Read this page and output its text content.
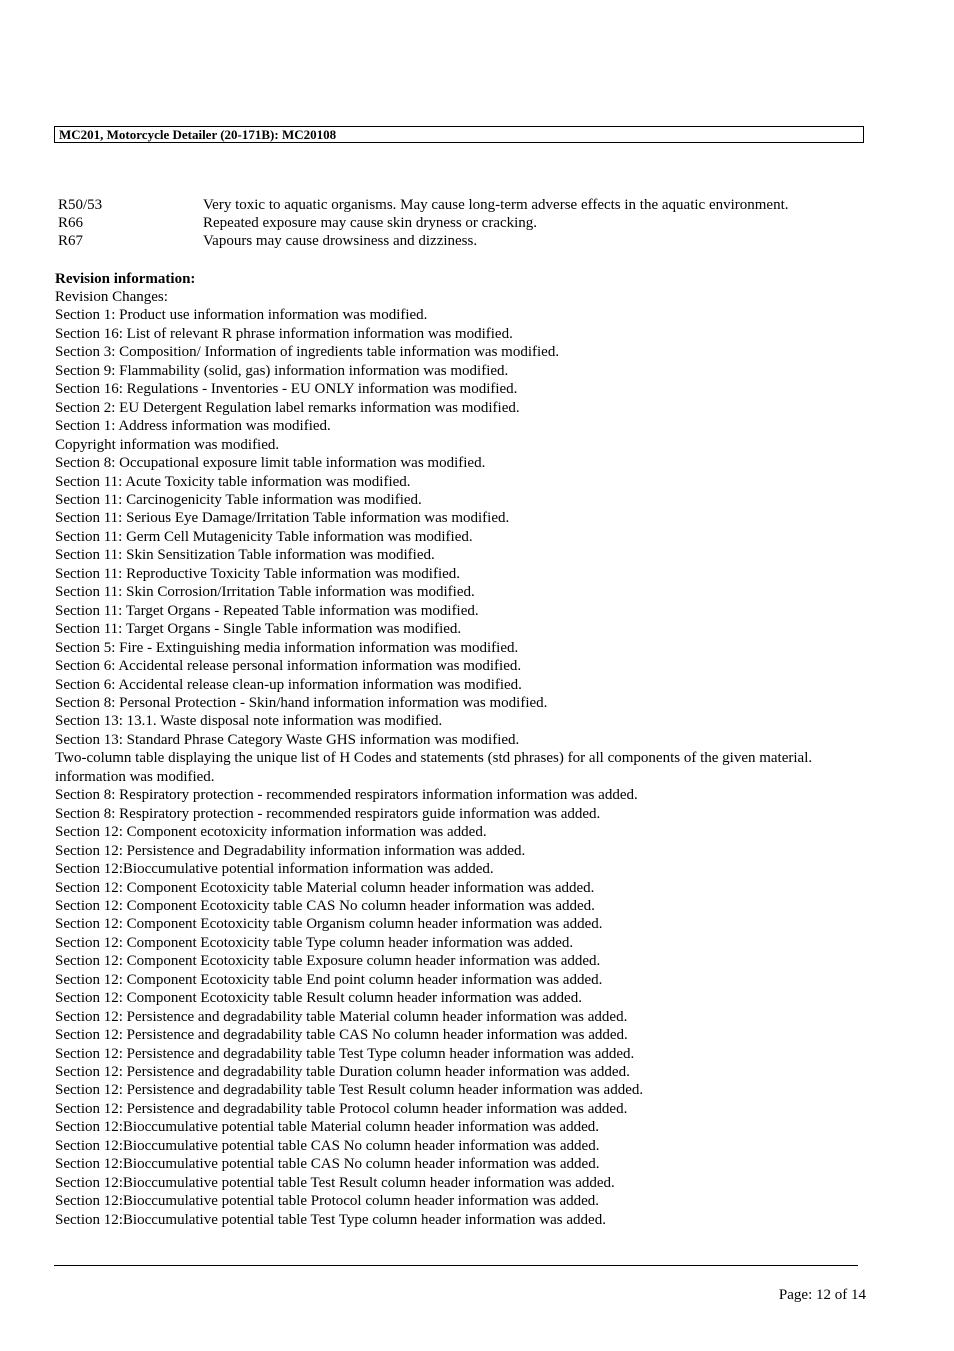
MC201, Motorcycle Detailer (20-171B): MC20108
R50/53	Very toxic to aquatic organisms. May cause long-term adverse effects in the aquatic environment.
R66	Repeated exposure may cause skin dryness or cracking.
R67	Vapours may cause drowsiness and dizziness.
Revision information:
Revision Changes:
Section 1: Product use information information was modified.
Section 16: List of relevant R phrase information information was modified.
Section 3: Composition/ Information of ingredients table information was modified.
Section 9: Flammability (solid, gas) information information was modified.
Section 16: Regulations - Inventories - EU ONLY information was modified.
Section 2: EU Detergent Regulation label remarks information was modified.
Section 1: Address information was modified.
Copyright information was modified.
Section 8: Occupational exposure limit table information was modified.
Section 11: Acute Toxicity table information was modified.
Section 11: Carcinogenicity Table information was modified.
Section 11: Serious Eye Damage/Irritation Table information was modified.
Section 11: Germ Cell Mutagenicity Table information was modified.
Section 11: Skin Sensitization Table information was modified.
Section 11: Reproductive Toxicity Table information was modified.
Section 11: Skin Corrosion/Irritation Table information was modified.
Section 11: Target Organs - Repeated Table information was modified.
Section 11: Target Organs - Single Table information was modified.
Section 5: Fire - Extinguishing media information information was modified.
Section 6: Accidental release personal information information was modified.
Section 6: Accidental release clean-up information information was modified.
Section 8: Personal Protection - Skin/hand information information was modified.
Section 13: 13.1. Waste disposal note information was modified.
Section 13: Standard Phrase Category Waste GHS information was modified.
Two-column table displaying the unique list of H Codes and statements (std phrases) for all components of the given material. information was modified.
Section 8: Respiratory protection - recommended respirators information information was added.
Section 8: Respiratory protection - recommended respirators guide information was added.
Section 12: Component ecotoxicity information information was added.
Section 12: Persistence and Degradability information information was added.
Section 12:Bioccumulative potential information information was added.
Section 12: Component Ecotoxicity table Material column header information was added.
Section 12: Component Ecotoxicity table CAS No column header information was added.
Section 12: Component Ecotoxicity table Organism column header information was added.
Section 12: Component Ecotoxicity table Type column header information was added.
Section 12: Component Ecotoxicity table Exposure column header information was added.
Section 12: Component Ecotoxicity table End point column header information was added.
Section 12: Component Ecotoxicity table Result column header information was added.
Section 12: Persistence and degradability table Material column header information was added.
Section 12: Persistence and degradability table CAS No column header information was added.
Section 12: Persistence and degradability table Test Type column header information was added.
Section 12: Persistence and degradability table Duration column header information was added.
Section 12: Persistence and degradability table Test Result column header information was added.
Section 12: Persistence and degradability table Protocol column header information was added.
Section 12:Bioccumulative potential table Material column header information was added.
Section 12:Bioccumulative potential table CAS No column header information was added.
Section 12:Bioccumulative potential table CAS No column header information was added.
Section 12:Bioccumulative potential table Test Result column header information was added.
Section 12:Bioccumulative potential table Protocol column header information was added.
Section 12:Bioccumulative potential table Test Type column header information was added.
Page: 12 of 14
